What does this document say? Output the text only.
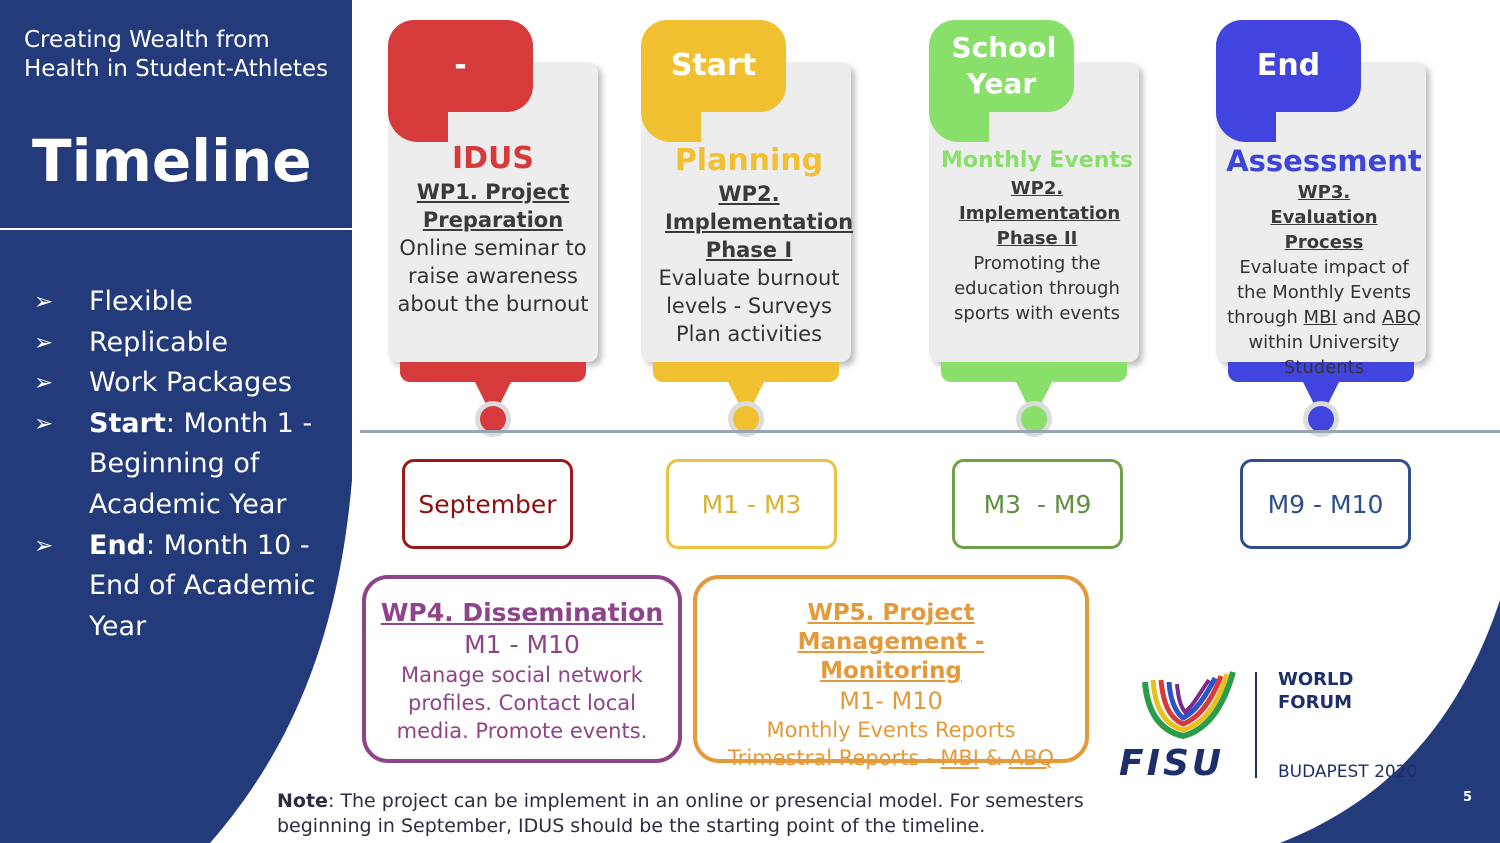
Creating Wealth from Health in Student-Athletes
Timeline
➢	Flexible
➢	Replicable
➢	Work Packages
➢	Start: Month 1 - Beginning of Academic Year
➢	End: Month 10 - End of Academic Year
-
IDUS
WP1. Project Preparation
Online seminar to raise awareness about the burnout
Start
Planning
WP2. Implementation Phase I
Evaluate burnout levels - Surveys Plan activities
School Year
Monthly Events
WP2. Implementation Phase II
Promoting the education through sports with events
End
Assessment
WP3. Evaluation Process
Evaluate impact of the Monthly Events through MBI and ABQ within University Students
September	M1 - M3	M3  - M9	M9 - M10
WP4. Dissemination
M1 - M10
Manage social network profiles. Contact local media. Promote events.
WP5. Project Management - Monitoring
M1- M10
Monthly Events Reports
Trimestral Reports - MBI & ABQ	FISU
WORLD
FORUM
BUDAPEST 2020
Note: The project can be implement in an online or presencial model. For semesters beginning in September, IDUS should be the starting point of the timeline.
5
